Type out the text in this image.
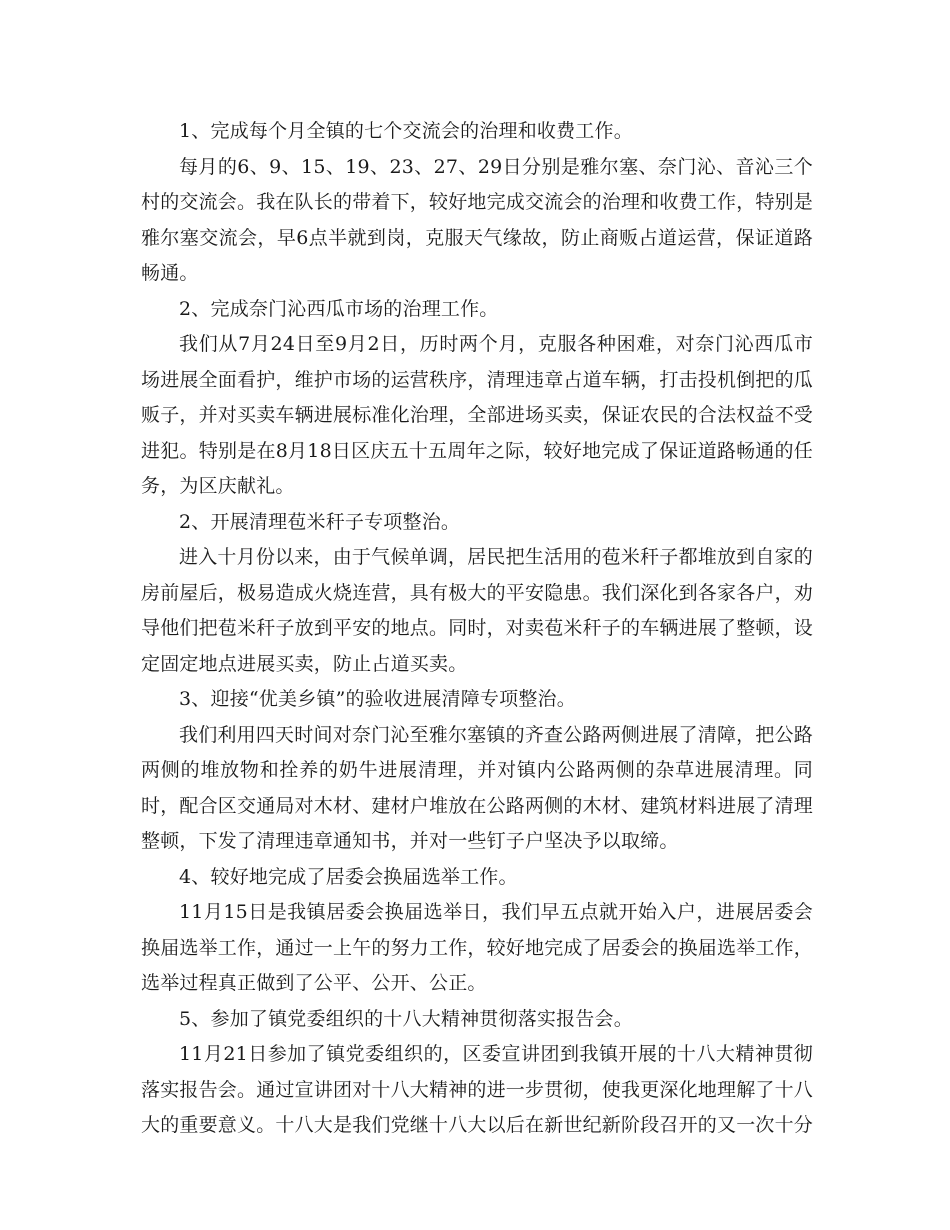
1、完成每个月全镇的七个交流会的治理和收费工作。

每月的6、9、15、19、23、27、29日分别是雅尔塞、奈门沁、音沁三个村的交流会。我在队长的带着下，较好地完成交流会的治理和收费工作，特别是雅尔塞交流会，早6点半就到岗，克服天气缘故，防止商贩占道运营，保证道路畅通。

2、完成奈门沁西瓜市场的治理工作。

我们从7月24日至9月2日，历时两个月，克服各种困难，对奈门沁西瓜市场进展全面看护，维护市场的运营秩序，清理违章占道车辆，打击投机倒把的瓜贩子，并对买卖车辆进展标准化治理，全部进场买卖，保证农民的合法权益不受进犯。特别是在8月18日区庆五十五周年之际，较好地完成了保证道路畅通的任务，为区庆献礼。

2、开展清理苞米秆子专项整治。

进入十月份以来，由于气候单调，居民把生活用的苞米秆子都堆放到自家的房前屋后，极易造成火烧连营，具有极大的平安隐患。我们深化到各家各户，劝导他们把苞米秆子放到平安的地点。同时，对卖苞米秆子的车辆进展了整顿，设定固定地点进展买卖，防止占道买卖。

3、迎接“优美乡镇”的验收进展清障专项整治。

我们利用四天时间对奈门沁至雅尔塞镇的齐查公路两侧进展了清障，把公路两侧的堆放物和拴养的奶牛进展清理，并对镇内公路两侧的杂草进展清理。同时，配合区交通局对木材、建材户堆放在公路两侧的木材、建筑材料进展了清理整顿，下发了清理违章通知书，并对一些钉子户坚决予以取缔。

4、较好地完成了居委会换届选举工作。

11月15日是我镇居委会换届选举日，我们早五点就开始入户，进展居委会换届选举工作，通过一上午的努力工作，较好地完成了居委会的换届选举工作，选举过程真正做到了公平、公开、公正。

5、参加了镇党委组织的十八大精神贯彻落实报告会。

11月21日参加了镇党委组织的，区委宣讲团到我镇开展的十八大精神贯彻落实报告会。通过宣讲团对十八大精神的进一步贯彻，使我更深化地理解了十八大的重要意义。十八大是我们党继十八大以后在新世纪新阶段召开的又一次十分
